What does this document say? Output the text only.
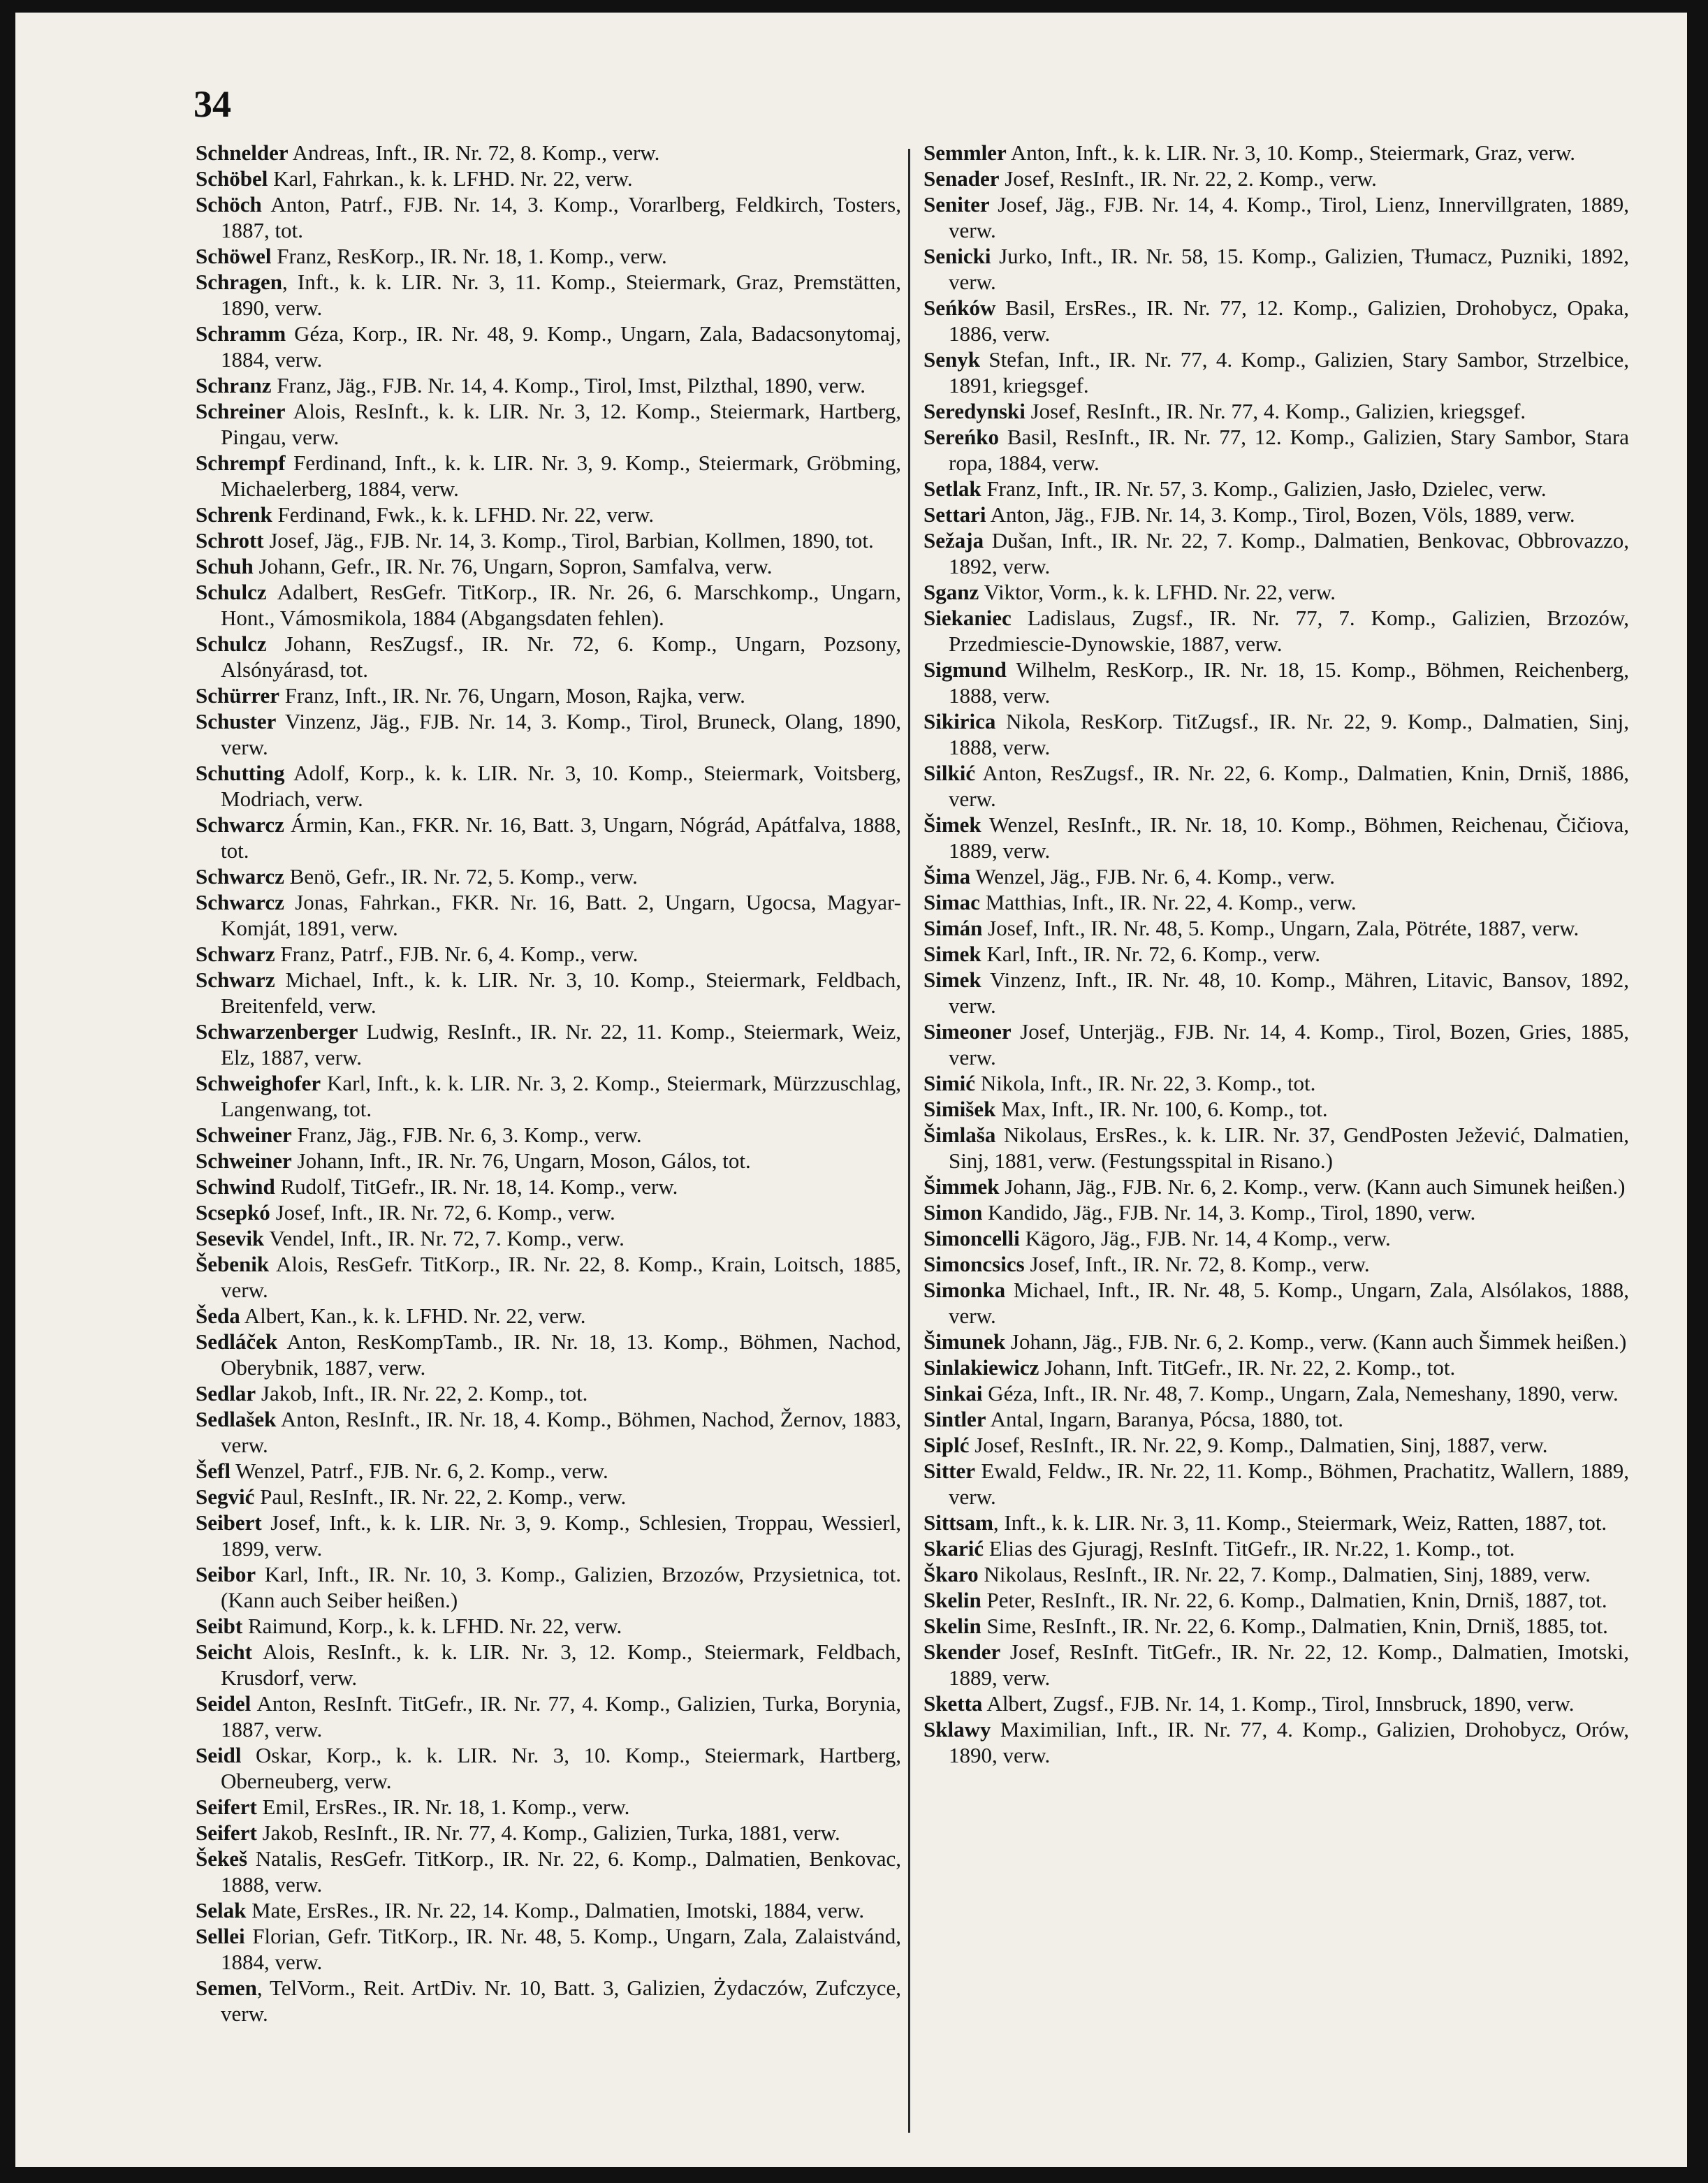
34

Schnelder Andreas, Inft., IR. Nr. 72, 8. Komp., verw.

Schöbel Karl, Fahrkan., k. k. LFHD. Nr. 22, verw.

Schöch Anton, Patrf., FJB. Nr. 14, 3. Komp., Vorarlberg, Feldkirch, Tosters, 1887, tot.

Schöwel Franz, ResKorp., IR. Nr. 18, 1. Komp., verw.

Schragen, Inft., k. k. LIR. Nr. 3, 11. Komp., Steiermark, Graz, Premstätten, 1890, verw.

Schramm Géza, Korp., IR. Nr. 48, 9. Komp., Ungarn, Zala, Badacsonytomaj, 1884, verw.

Schranz Franz, Jäg., FJB. Nr. 14, 4. Komp., Tirol, Imst, Pilzthal, 1890, verw.

Schreiner Alois, ResInft., k. k. LIR. Nr. 3, 12. Komp., Steiermark, Hartberg, Pingau, verw.

Schrempf Ferdinand, Inft., k. k. LIR. Nr. 3, 9. Komp., Steiermark, Gröbming, Michaelerberg, 1884, verw.

Schrenk Ferdinand, Fwk., k. k. LFHD. Nr. 22, verw.

Schrott Josef, Jäg., FJB. Nr. 14, 3. Komp., Tirol, Barbian, Kollmen, 1890, tot.

Schuh Johann, Gefr., IR. Nr. 76, Ungarn, Sopron, Samfalva, verw.

Schulcz Adalbert, ResGefr. TitKorp., IR. Nr. 26, 6. Marschkomp., Ungarn, Hont., Vámosmikola, 1884 (Abgangsdaten fehlen).

Schulcz Johann, ResZugsf., IR. Nr. 72, 6. Komp., Ungarn, Pozsony, Alsónyárasd, tot.

Schürrer Franz, Inft., IR. Nr. 76, Ungarn, Moson, Rajka, verw.

Schuster Vinzenz, Jäg., FJB. Nr. 14, 3. Komp., Tirol, Bruneck, Olang, 1890, verw.

Schutting Adolf, Korp., k. k. LIR. Nr. 3, 10. Komp., Steiermark, Voitsberg, Modriach, verw.

Schwarcz Ármin, Kan., FKR. Nr. 16, Batt. 3, Ungarn, Nógrád, Apátfalva, 1888, tot.

Schwarcz Benö, Gefr., IR. Nr. 72, 5. Komp., verw.

Schwarcz Jonas, Fahrkan., FKR. Nr. 16, Batt. 2, Ungarn, Ugocsa, Magyar-Komját, 1891, verw.

Schwarz Franz, Patrf., FJB. Nr. 6, 4. Komp., verw.

Schwarz Michael, Inft., k. k. LIR. Nr. 3, 10. Komp., Steiermark, Feldbach, Breitenfeld, verw.

Schwarzenberger Ludwig, ResInft., IR. Nr. 22, 11. Komp., Steiermark, Weiz, Elz, 1887, verw.

Schweighofer Karl, Inft., k. k. LIR. Nr. 3, 2. Komp., Steiermark, Mürzzuschlag, Langenwang, tot.

Schweiner Franz, Jäg., FJB. Nr. 6, 3. Komp., verw.

Schweiner Johann, Inft., IR. Nr. 76, Ungarn, Moson, Gálos, tot.

Schwind Rudolf, TitGefr., IR. Nr. 18, 14. Komp., verw.

Scsepkó Josef, Inft., IR. Nr. 72, 6. Komp., verw.

Sesevik Vendel, Inft., IR. Nr. 72, 7. Komp., verw.

Šebenik Alois, ResGefr. TitKorp., IR. Nr. 22, 8. Komp., Krain, Loitsch, 1885, verw.

Šeda Albert, Kan., k. k. LFHD. Nr. 22, verw.

Sedláček Anton, ResKompTamb., IR. Nr. 18, 13. Komp., Böhmen, Nachod, Oberybnik, 1887, verw.

Sedlar Jakob, Inft., IR. Nr. 22, 2. Komp., tot.

Sedlašek Anton, ResInft., IR. Nr. 18, 4. Komp., Böhmen, Nachod, Žernov, 1883, verw.

Šefl Wenzel, Patrf., FJB. Nr. 6, 2. Komp., verw.

Segvić Paul, ResInft., IR. Nr. 22, 2. Komp., verw.

Seibert Josef, Inft., k. k. LIR. Nr. 3, 9. Komp., Schlesien, Troppau, Wessierl, 1899, verw.

Seibor Karl, Inft., IR. Nr. 10, 3. Komp., Galizien, Brzozów, Przysietnica, tot. (Kann auch Seiber heißen.)

Seibt Raimund, Korp., k. k. LFHD. Nr. 22, verw.

Seicht Alois, ResInft., k. k. LIR. Nr. 3, 12. Komp., Steiermark, Feldbach, Krusdorf, verw.

Seidel Anton, ResInft. TitGefr., IR. Nr. 77, 4. Komp., Galizien, Turka, Borynia, 1887, verw.

Seidl Oskar, Korp., k. k. LIR. Nr. 3, 10. Komp., Steiermark, Hartberg, Oberneuberg, verw.

Seifert Emil, ErsRes., IR. Nr. 18, 1. Komp., verw.

Seifert Jakob, ResInft., IR. Nr. 77, 4. Komp., Galizien, Turka, 1881, verw.

Šekeš Natalis, ResGefr. TitKorp., IR. Nr. 22, 6. Komp., Dalmatien, Benkovac, 1888, verw.

Selak Mate, ErsRes., IR. Nr. 22, 14. Komp., Dalmatien, Imotski, 1884, verw.

Sellei Florian, Gefr. TitKorp., IR. Nr. 48, 5. Komp., Ungarn, Zala, Zalaistvánd, 1884, verw.

Semen, TelVorm., Reit. ArtDiv. Nr. 10, Batt. 3, Galizien, Żydaczów, Zufczyce, verw.

Semmler Anton, Inft., k. k. LIR. Nr. 3, 10. Komp., Steiermark, Graz, verw.

Senader Josef, ResInft., IR. Nr. 22, 2. Komp., verw.

Seniter Josef, Jäg., FJB. Nr. 14, 4. Komp., Tirol, Lienz, Innervillgraten, 1889, verw.

Senicki Jurko, Inft., IR. Nr. 58, 15. Komp., Galizien, Tłumacz, Puzniki, 1892, verw.

Seńków Basil, ErsRes., IR. Nr. 77, 12. Komp., Galizien, Drohobycz, Opaka, 1886, verw.

Senyk Stefan, Inft., IR. Nr. 77, 4. Komp., Galizien, Stary Sambor, Strzelbice, 1891, kriegsgef.

Seredynski Josef, ResInft., IR. Nr. 77, 4. Komp., Galizien, kriegsgef.

Sereńko Basil, ResInft., IR. Nr. 77, 12. Komp., Galizien, Stary Sambor, Stara ropa, 1884, verw.

Setlak Franz, Inft., IR. Nr. 57, 3. Komp., Galizien, Jasło, Dzielec, verw.

Settari Anton, Jäg., FJB. Nr. 14, 3. Komp., Tirol, Bozen, Völs, 1889, verw.

Sežaja Dušan, Inft., IR. Nr. 22, 7. Komp., Dalmatien, Benkovac, Obbrovazzo, 1892, verw.

Sganz Viktor, Vorm., k. k. LFHD. Nr. 22, verw.

Siekaniec Ladislaus, Zugsf., IR. Nr. 77, 7. Komp., Galizien, Brzozów, Przedmiescie-Dynowskie, 1887, verw.

Sigmund Wilhelm, ResKorp., IR. Nr. 18, 15. Komp., Böhmen, Reichenberg, 1888, verw.

Sikirica Nikola, ResKorp. TitZugsf., IR. Nr. 22, 9. Komp., Dalmatien, Sinj, 1888, verw.

Silkić Anton, ResZugsf., IR. Nr. 22, 6. Komp., Dalmatien, Knin, Drniš, 1886, verw.

Šimek Wenzel, ResInft., IR. Nr. 18, 10. Komp., Böhmen, Reichenau, Čičiova, 1889, verw.

Šima Wenzel, Jäg., FJB. Nr. 6, 4. Komp., verw.

Simac Matthias, Inft., IR. Nr. 22, 4. Komp., verw.

Simán Josef, Inft., IR. Nr. 48, 5. Komp., Ungarn, Zala, Pötréte, 1887, verw.

Simek Karl, Inft., IR. Nr. 72, 6. Komp., verw.

Simek Vinzenz, Inft., IR. Nr. 48, 10. Komp., Mähren, Litavic, Bansov, 1892, verw.

Simeoner Josef, Unterjäg., FJB. Nr. 14, 4. Komp., Tirol, Bozen, Gries, 1885, verw.

Simić Nikola, Inft., IR. Nr. 22, 3. Komp., tot.

Simišek Max, Inft., IR. Nr. 100, 6. Komp., tot.

Šimlaša Nikolaus, ErsRes., k. k. LIR. Nr. 37, GendPosten Ježević, Dalmatien, Sinj, 1881, verw. (Festungsspital in Risano.)

Šimmek Johann, Jäg., FJB. Nr. 6, 2. Komp., verw. (Kann auch Simunek heißen.)

Simon Kandido, Jäg., FJB. Nr. 14, 3. Komp., Tirol, 1890, verw.

Simoncelli Kägoro, Jäg., FJB. Nr. 14, 4 Komp., verw.

Simoncsics Josef, Inft., IR. Nr. 72, 8. Komp., verw.

Simonka Michael, Inft., IR. Nr. 48, 5. Komp., Ungarn, Zala, Alsólakos, 1888, verw.

Šimunek Johann, Jäg., FJB. Nr. 6, 2. Komp., verw. (Kann auch Šimmek heißen.)

Sinlakiewicz Johann, Inft. TitGefr., IR. Nr. 22, 2. Komp., tot.

Sinkai Géza, Inft., IR. Nr. 48, 7. Komp., Ungarn, Zala, Nemeshany, 1890, verw.

Sintler Antal, Ingarn, Baranya, Pócsa, 1880, tot.

Siplć Josef, ResInft., IR. Nr. 22, 9. Komp., Dalmatien, Sinj, 1887, verw.

Sitter Ewald, Feldw., IR. Nr. 22, 11. Komp., Böhmen, Prachatitz, Wallern, 1889, verw.

Sittsam, Inft., k. k. LIR. Nr. 3, 11. Komp., Steiermark, Weiz, Ratten, 1887, tot.

Skarić Elias des Gjuragj, ResInft. TitGefr., IR. Nr.22, 1. Komp., tot.

Škaro Nikolaus, ResInft., IR. Nr. 22, 7. Komp., Dalmatien, Sinj, 1889, verw.

Skelin Peter, ResInft., IR. Nr. 22, 6. Komp., Dalmatien, Knin, Drniš, 1887, tot.

Skelin Sime, ResInft., IR. Nr. 22, 6. Komp., Dalmatien, Knin, Drniš, 1885, tot.

Skender Josef, ResInft. TitGefr., IR. Nr. 22, 12. Komp., Dalmatien, Imotski, 1889, verw.

Sketta Albert, Zugsf., FJB. Nr. 14, 1. Komp., Tirol, Innsbruck, 1890, verw.

Sklawy Maximilian, Inft., IR. Nr. 77, 4. Komp., Galizien, Drohobycz, Orów, 1890, verw.
